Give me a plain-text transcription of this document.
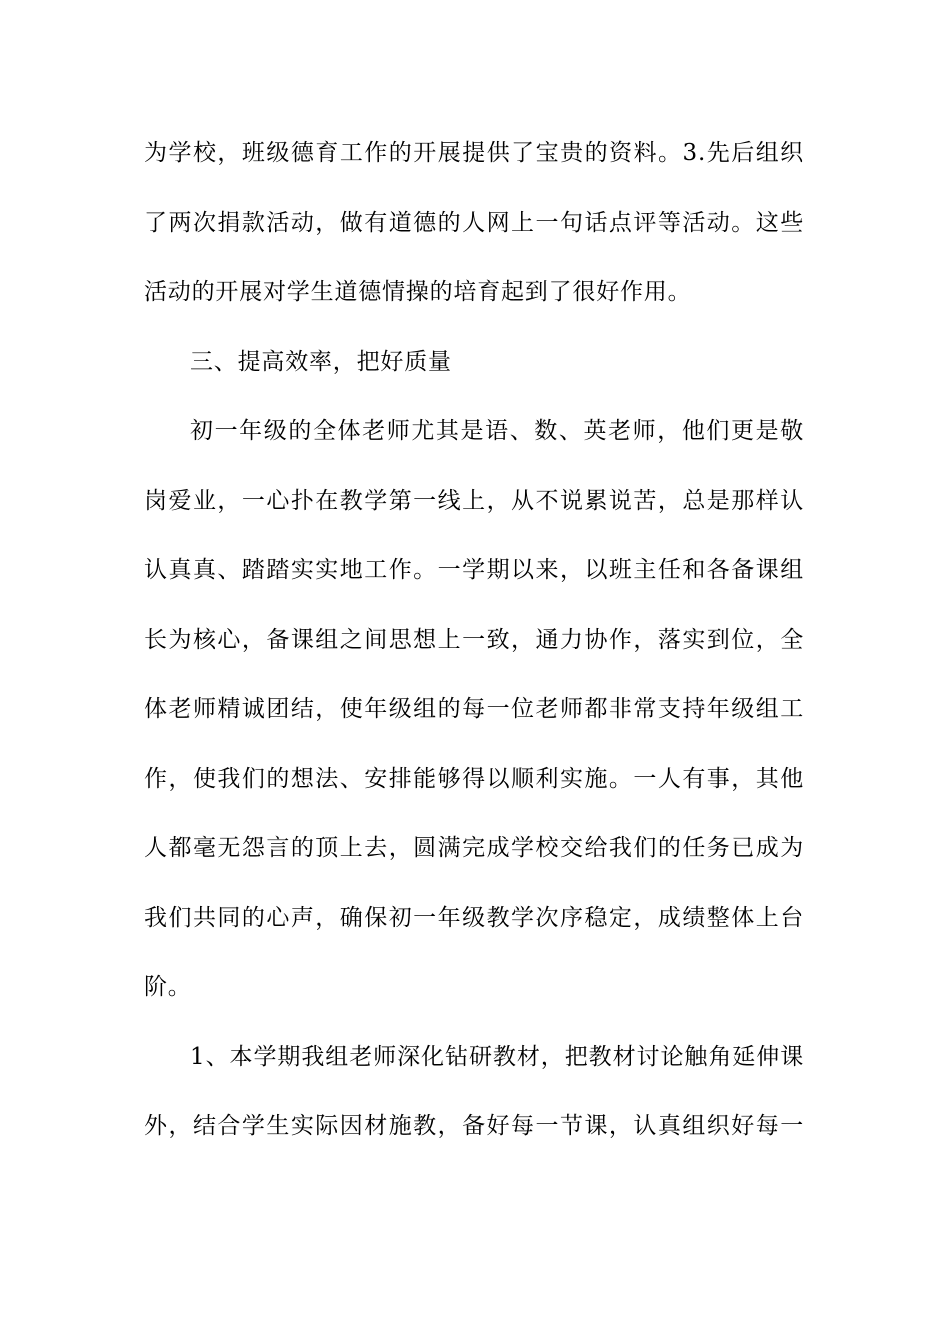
为学校，班级德育工作的开展提供了宝贵的资料。3.先后组织
了两次捐款活动，做有道德的人网上一句话点评等活动。这些
活动的开展对学生道德情操的培育起到了很好作用。
三、提高效率，把好质量
初一年级的全体老师尤其是语、数、英老师，他们更是敬
岗爱业，一心扑在教学第一线上，从不说累说苦，总是那样认
认真真、踏踏实实地工作。一学期以来，以班主任和各备课组
长为核心，备课组之间思想上一致，通力协作，落实到位，全
体老师精诚团结，使年级组的每一位老师都非常支持年级组工
作，使我们的想法、安排能够得以顺利实施。一人有事，其他
人都毫无怨言的顶上去，圆满完成学校交给我们的任务已成为
我们共同的心声，确保初一年级教学次序稳定，成绩整体上台
阶。
1、本学期我组老师深化钻研教材，把教材讨论触角延伸课
外，结合学生实际因材施教，备好每一节课，认真组织好每一
